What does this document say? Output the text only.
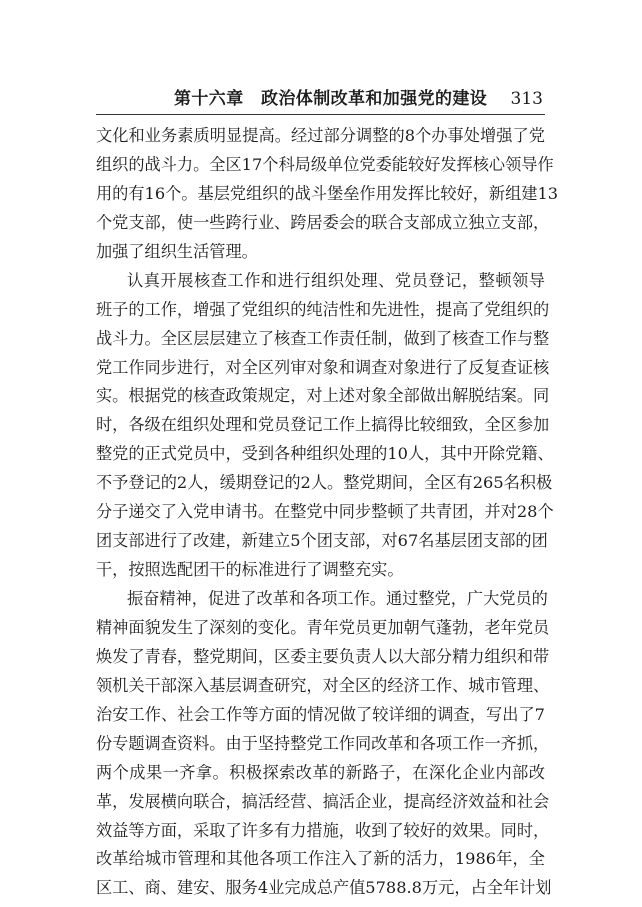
第十六章　政治体制改革和加强党的建设 313
文化和业务素质明显提高。经过部分调整的8个办事处增强了党
组织的战斗力。全区17个科局级单位党委能较好发挥核心领导作
用的有16个。基层党组织的战斗堡垒作用发挥比较好，新组建13
个党支部，使一些跨行业、跨居委会的联合支部成立独立支部，
加强了组织生活管理。
认真开展核查工作和进行组织处理、党员登记，整顿领导
班子的工作，增强了党组织的纯洁性和先进性，提高了党组织的
战斗力。全区层层建立了核查工作责任制，做到了核查工作与整
党工作同步进行，对全区列审对象和调查对象进行了反复查证核
实。根据党的核查政策规定，对上述对象全部做出解脱结案。同
时，各级在组织处理和党员登记工作上搞得比较细致，全区参加
整党的正式党员中，受到各种组织处理的10人，其中开除党籍、
不予登记的2人，缓期登记的2人。整党期间，全区有265名积极
分子递交了入党申请书。在整党中同步整顿了共青团，并对28个
团支部进行了改建，新建立5个团支部，对67名基层团支部的团
干，按照选配团干的标准进行了调整充实。
振奋精神，促进了改革和各项工作。通过整党，广大党员的
精神面貌发生了深刻的变化。青年党员更加朝气蓬勃，老年党员
焕发了青春，整党期间，区委主要负责人以大部分精力组织和带
领机关干部深入基层调查研究，对全区的经济工作、城市管理、
治安工作、社会工作等方面的情况做了较详细的调查，写出了7
份专题调查资料。由于坚持整党工作同改革和各项工作一齐抓，
两个成果一齐拿。积极探索改革的新路子，在深化企业内部改
革，发展横向联合，搞活经营、搞活企业，提高经济效益和社会
效益等方面，采取了许多有力措施，收到了较好的效果。同时，
改革给城市管理和其他各项工作注入了新的活力，1986年，全
区工、商、建安、服务4业完成总产值5788.8万元，占全年计划
